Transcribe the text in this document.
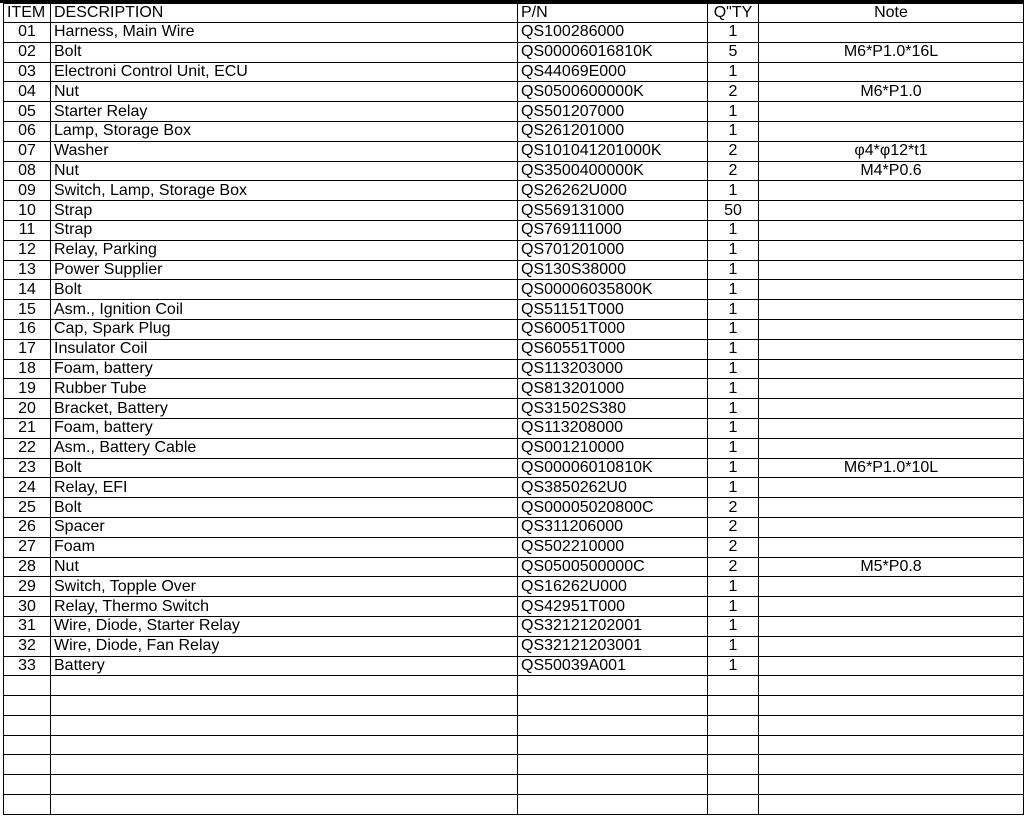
ITEM	DESCRIPTION	P/N	Q"TY	Note
01	Harness, Main Wire	QS100286000	1	
02	Bolt	QS00006016810K	5	M6*P1.0*16L
03	Electroni Control Unit, ECU	QS44069E000	1	
04	Nut	QS0500600000K	2	M6*P1.0
05	Starter Relay	QS501207000	1	
06	Lamp, Storage Box	QS261201000	1	
07	Washer	QS101041201000K	2	φ4*φ12*t1
08	Nut	QS3500400000K	2	M4*P0.6
09	Switch, Lamp, Storage Box	QS26262U000	1	
10	Strap	QS569131000	50	
11	Strap	QS769111000	1	
12	Relay, Parking	QS701201000	1	
13	Power Supplier	QS130S38000	1	
14	Bolt	QS00006035800K	1	
15	Asm., Ignition Coil	QS51151T000	1	
16	Cap, Spark Plug	QS60051T000	1	
17	Insulator Coil	QS60551T000	1	
18	Foam, battery	QS113203000	1	
19	Rubber Tube	QS813201000	1	
20	Bracket, Battery	QS31502S380	1	
21	Foam, battery	QS113208000	1	
22	Asm., Battery Cable	QS001210000	1	
23	Bolt	QS00006010810K	1	M6*P1.0*10L
24	Relay, EFI	QS3850262U0	1	
25	Bolt	QS00005020800C	2	
26	Spacer	QS311206000	2	
27	Foam	QS502210000	2	
28	Nut	QS0500500000C	2	M5*P0.8
29	Switch, Topple Over	QS16262U000	1	
30	Relay, Thermo Switch	QS42951T000	1	
31	Wire, Diode, Starter Relay	QS32121202001	1	
32	Wire, Diode, Fan Relay	QS32121203001	1	
33	Battery	QS50039A001	1	
